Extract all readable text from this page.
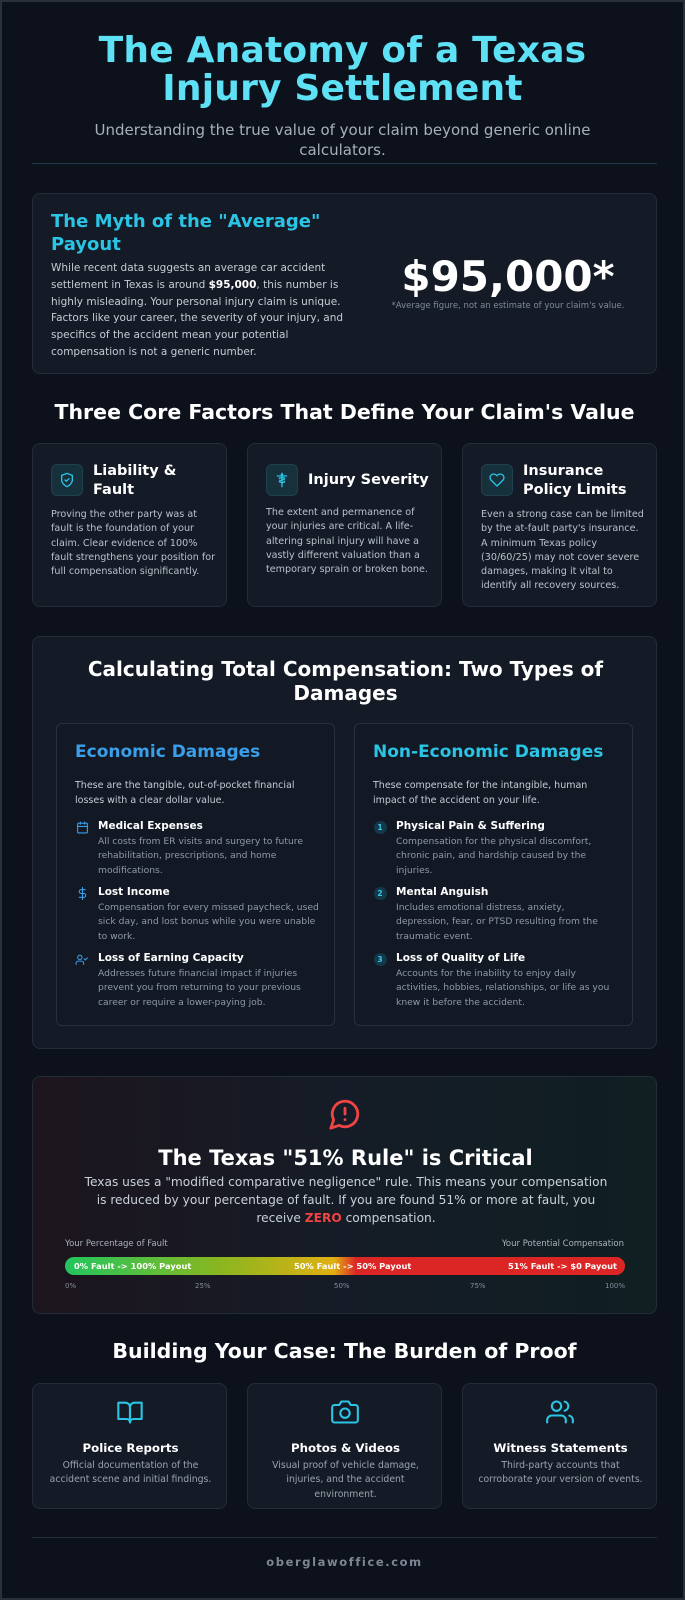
The Anatomy of a Texas Injury Settlement

Understanding the true value of your claim beyond generic online calculators.

The Myth of the "Average" Payout

While recent data suggests an average car accident settlement in Texas is around $95,000, this number is highly misleading. Your personal injury claim is unique. Factors like your career, the severity of your injury, and specifics of the accident mean your potential compensation is not a generic number.

$95,000*
*Average figure, not an estimate of your claim's value.
Three Core Factors That Define Your Claim's Value
Liability & Fault

Proving the other party was at fault is the foundation of your claim. Clear evidence of 100% fault strengthens your position for full compensation significantly.

Injury Severity

The extent and permanence of your injuries are critical. A life-altering spinal injury will have a vastly different valuation than a temporary sprain or broken bone.

Insurance Policy Limits

Even a strong case can be limited by the at-fault party's insurance. A minimum Texas policy (30/60/25) may not cover severe damages, making it vital to identify all recovery sources.

Calculating Total Compensation: Two Types of Damages
Economic Damages

These are the tangible, out-of-pocket financial losses with a clear dollar value.

Medical Expenses

All costs from ER visits and surgery to future rehabilitation, prescriptions, and home modifications.

Lost Income

Compensation for every missed paycheck, used sick day, and lost bonus while you were unable to work.

Loss of Earning Capacity

Addresses future financial impact if injuries prevent you from returning to your previous career or require a lower-paying job.

Non-Economic Damages

These compensate for the intangible, human impact of the accident on your life.

1	Physical Pain & Suffering

Compensation for the physical discomfort, chronic pain, and hardship caused by the injuries.

2	Mental Anguish

Includes emotional distress, anxiety, depression, fear, or PTSD resulting from the traumatic event.

3	Loss of Quality of Life

Accounts for the inability to enjoy daily activities, hobbies, relationships, or life as you knew it before the accident.

The Texas "51% Rule" is Critical

Texas uses a "modified comparative negligence" rule. This means your compensation is reduced by your percentage of fault. If you are found 51% or more at fault, you receive ZERO compensation.

Your Percentage of Fault	Your Potential Compensation
0% Fault -> 100% Payout	50% Fault -> 50% Payout	51% Fault -> $0 Payout
0%	25%	50%	75%	100%
Building Your Case: The Burden of Proof
Police Reports

Official documentation of the accident scene and initial findings.

Photos & Videos

Visual proof of vehicle damage, injuries, and the accident environment.

Witness Statements

Third-party accounts that corroborate your version of events.

oberglawoffice.com
